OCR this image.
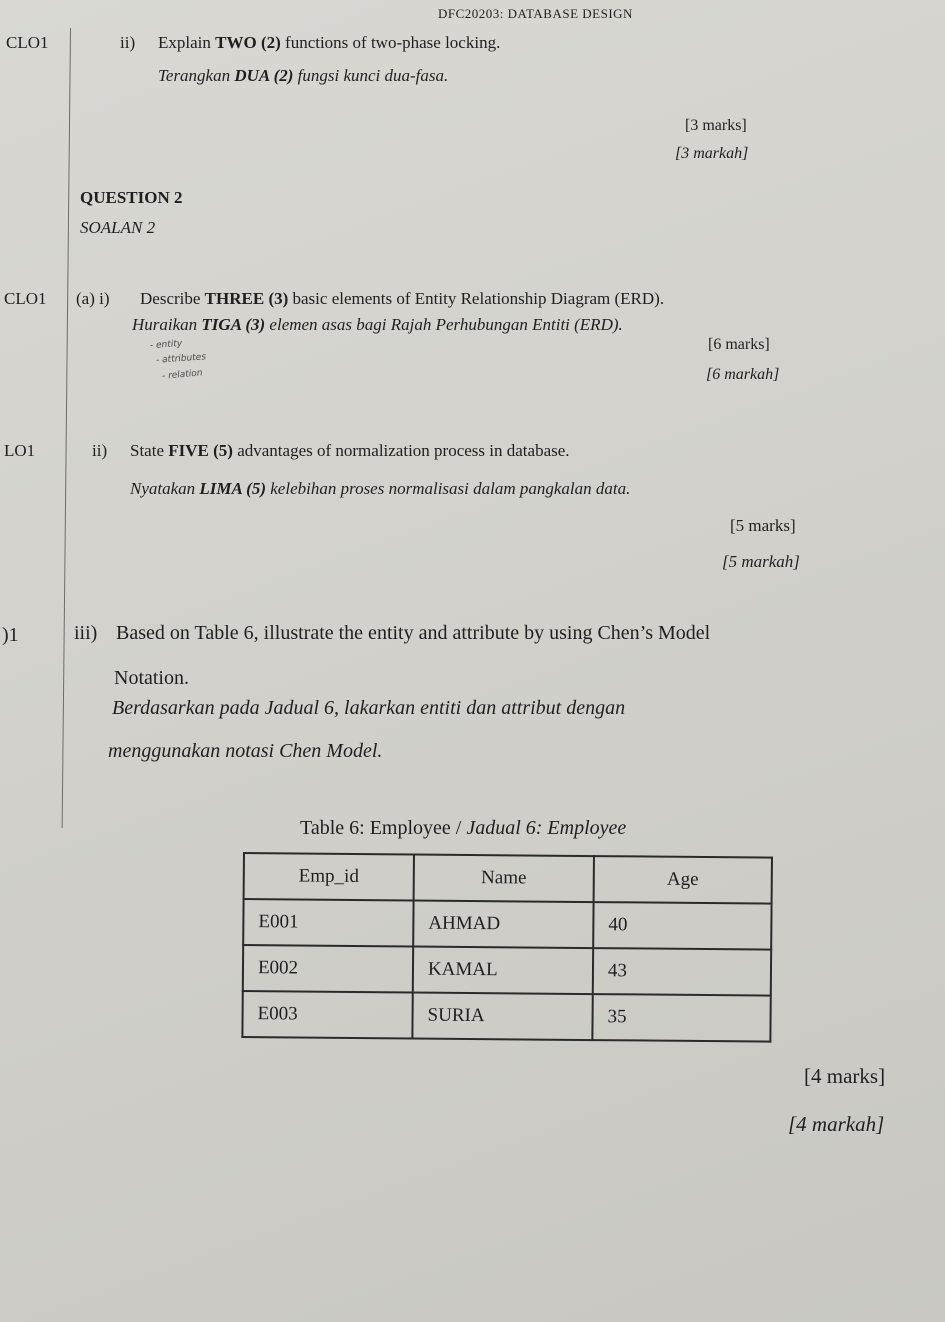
DFC20203: DATABASE DESIGN
CLO1	ii) Explain TWO (2) functions of two-phase locking.
Terangkan DUA (2) fungsi kunci dua-fasa.
[3 marks]
[3 markah]
QUESTION 2
SOALAN 2
CLO1 (a) i) Describe THREE (3) basic elements of Entity Relationship Diagram (ERD).
Huraikan TIGA (3) elemen asas bagi Rajah Perhubungan Entiti (ERD).
- entity
- attributes
- relation
[6 marks]
[6 markah]
LO1	ii) State FIVE (5) advantages of normalization process in database.
Nyatakan LIMA (5) kelebihan proses normalisasi dalam pangkalan data.
[5 marks]
[5 markah]
)1	iii) Based on Table 6, illustrate the entity and attribute by using Chen’s Model
Notation.
Berdasarkan pada Jadual 6, lakarkan entiti dan attribut dengan
menggunakan notasi Chen Model.
Table 6: Employee / Jadual 6: Employee
Emp_id	Name	Age
E001	AHMAD	40
E002	KAMAL	43
E003	SURIA	35
[4 marks]
[4 markah]
